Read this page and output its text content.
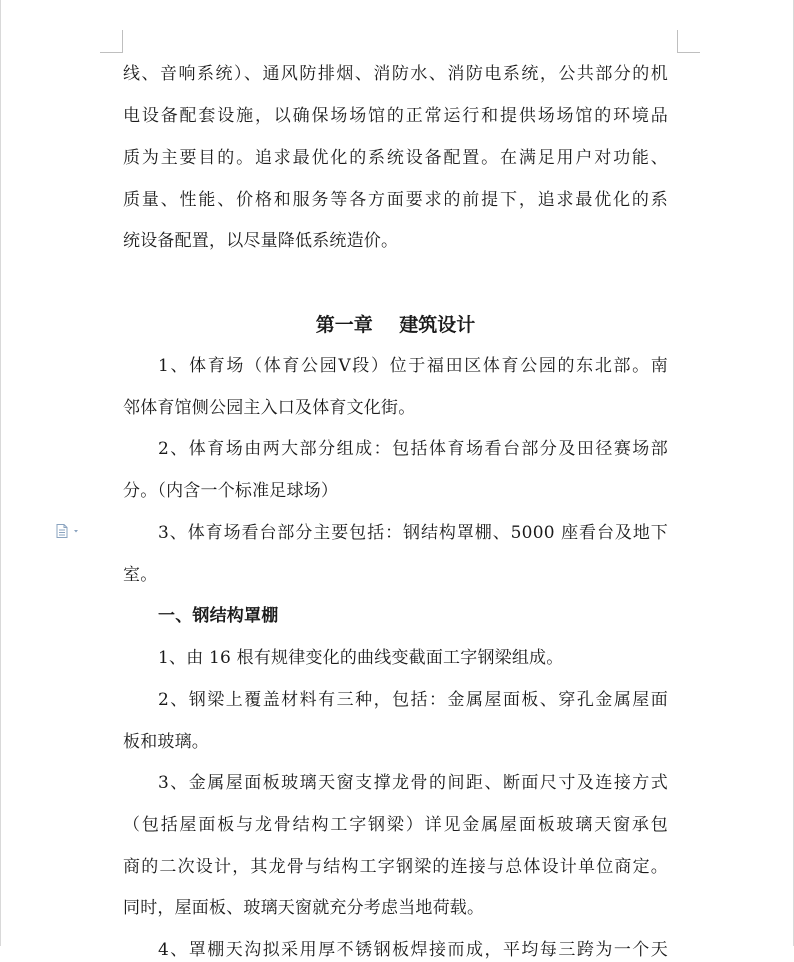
线、音响系统）、通风防排烟、消防水、消防电系统，公共部分的机
电设备配套设施，以确保场场馆的正常运行和提供场场馆的环境品
质为主要目的。追求最优化的系统设备配置。在满足用户对功能、
质量、性能、价格和服务等各方面要求的前提下，追求最优化的系
统设备配置，以尽量降低系统造价。
第一章    建筑设计
1、体育场（体育公园Ⅴ段）位于福田区体育公园的东北部。南
邻体育馆侧公园主入口及体育文化街。
2、体育场由两大部分组成：包括体育场看台部分及田径赛场部
分。（内含一个标准足球场）
3、体育场看台部分主要包括：钢结构罩棚、5000 座看台及地下
室。
一、钢结构罩棚
1、由 16 根有规律变化的曲线变截面工字钢梁组成。
2、钢梁上覆盖材料有三种，包括：金属屋面板、穿孔金属屋面
板和玻璃。
3、金属屋面板玻璃天窗支撑龙骨的间距、断面尺寸及连接方式
（包括屋面板与龙骨结构工字钢梁）详见金属屋面板玻璃天窗承包
商的二次设计，其龙骨与结构工字钢梁的连接与总体设计单位商定。
同时，屋面板、玻璃天窗就充分考虑当地荷载。
4、罩棚天沟拟采用厚不锈钢板焊接而成，平均每三跨为一个天
